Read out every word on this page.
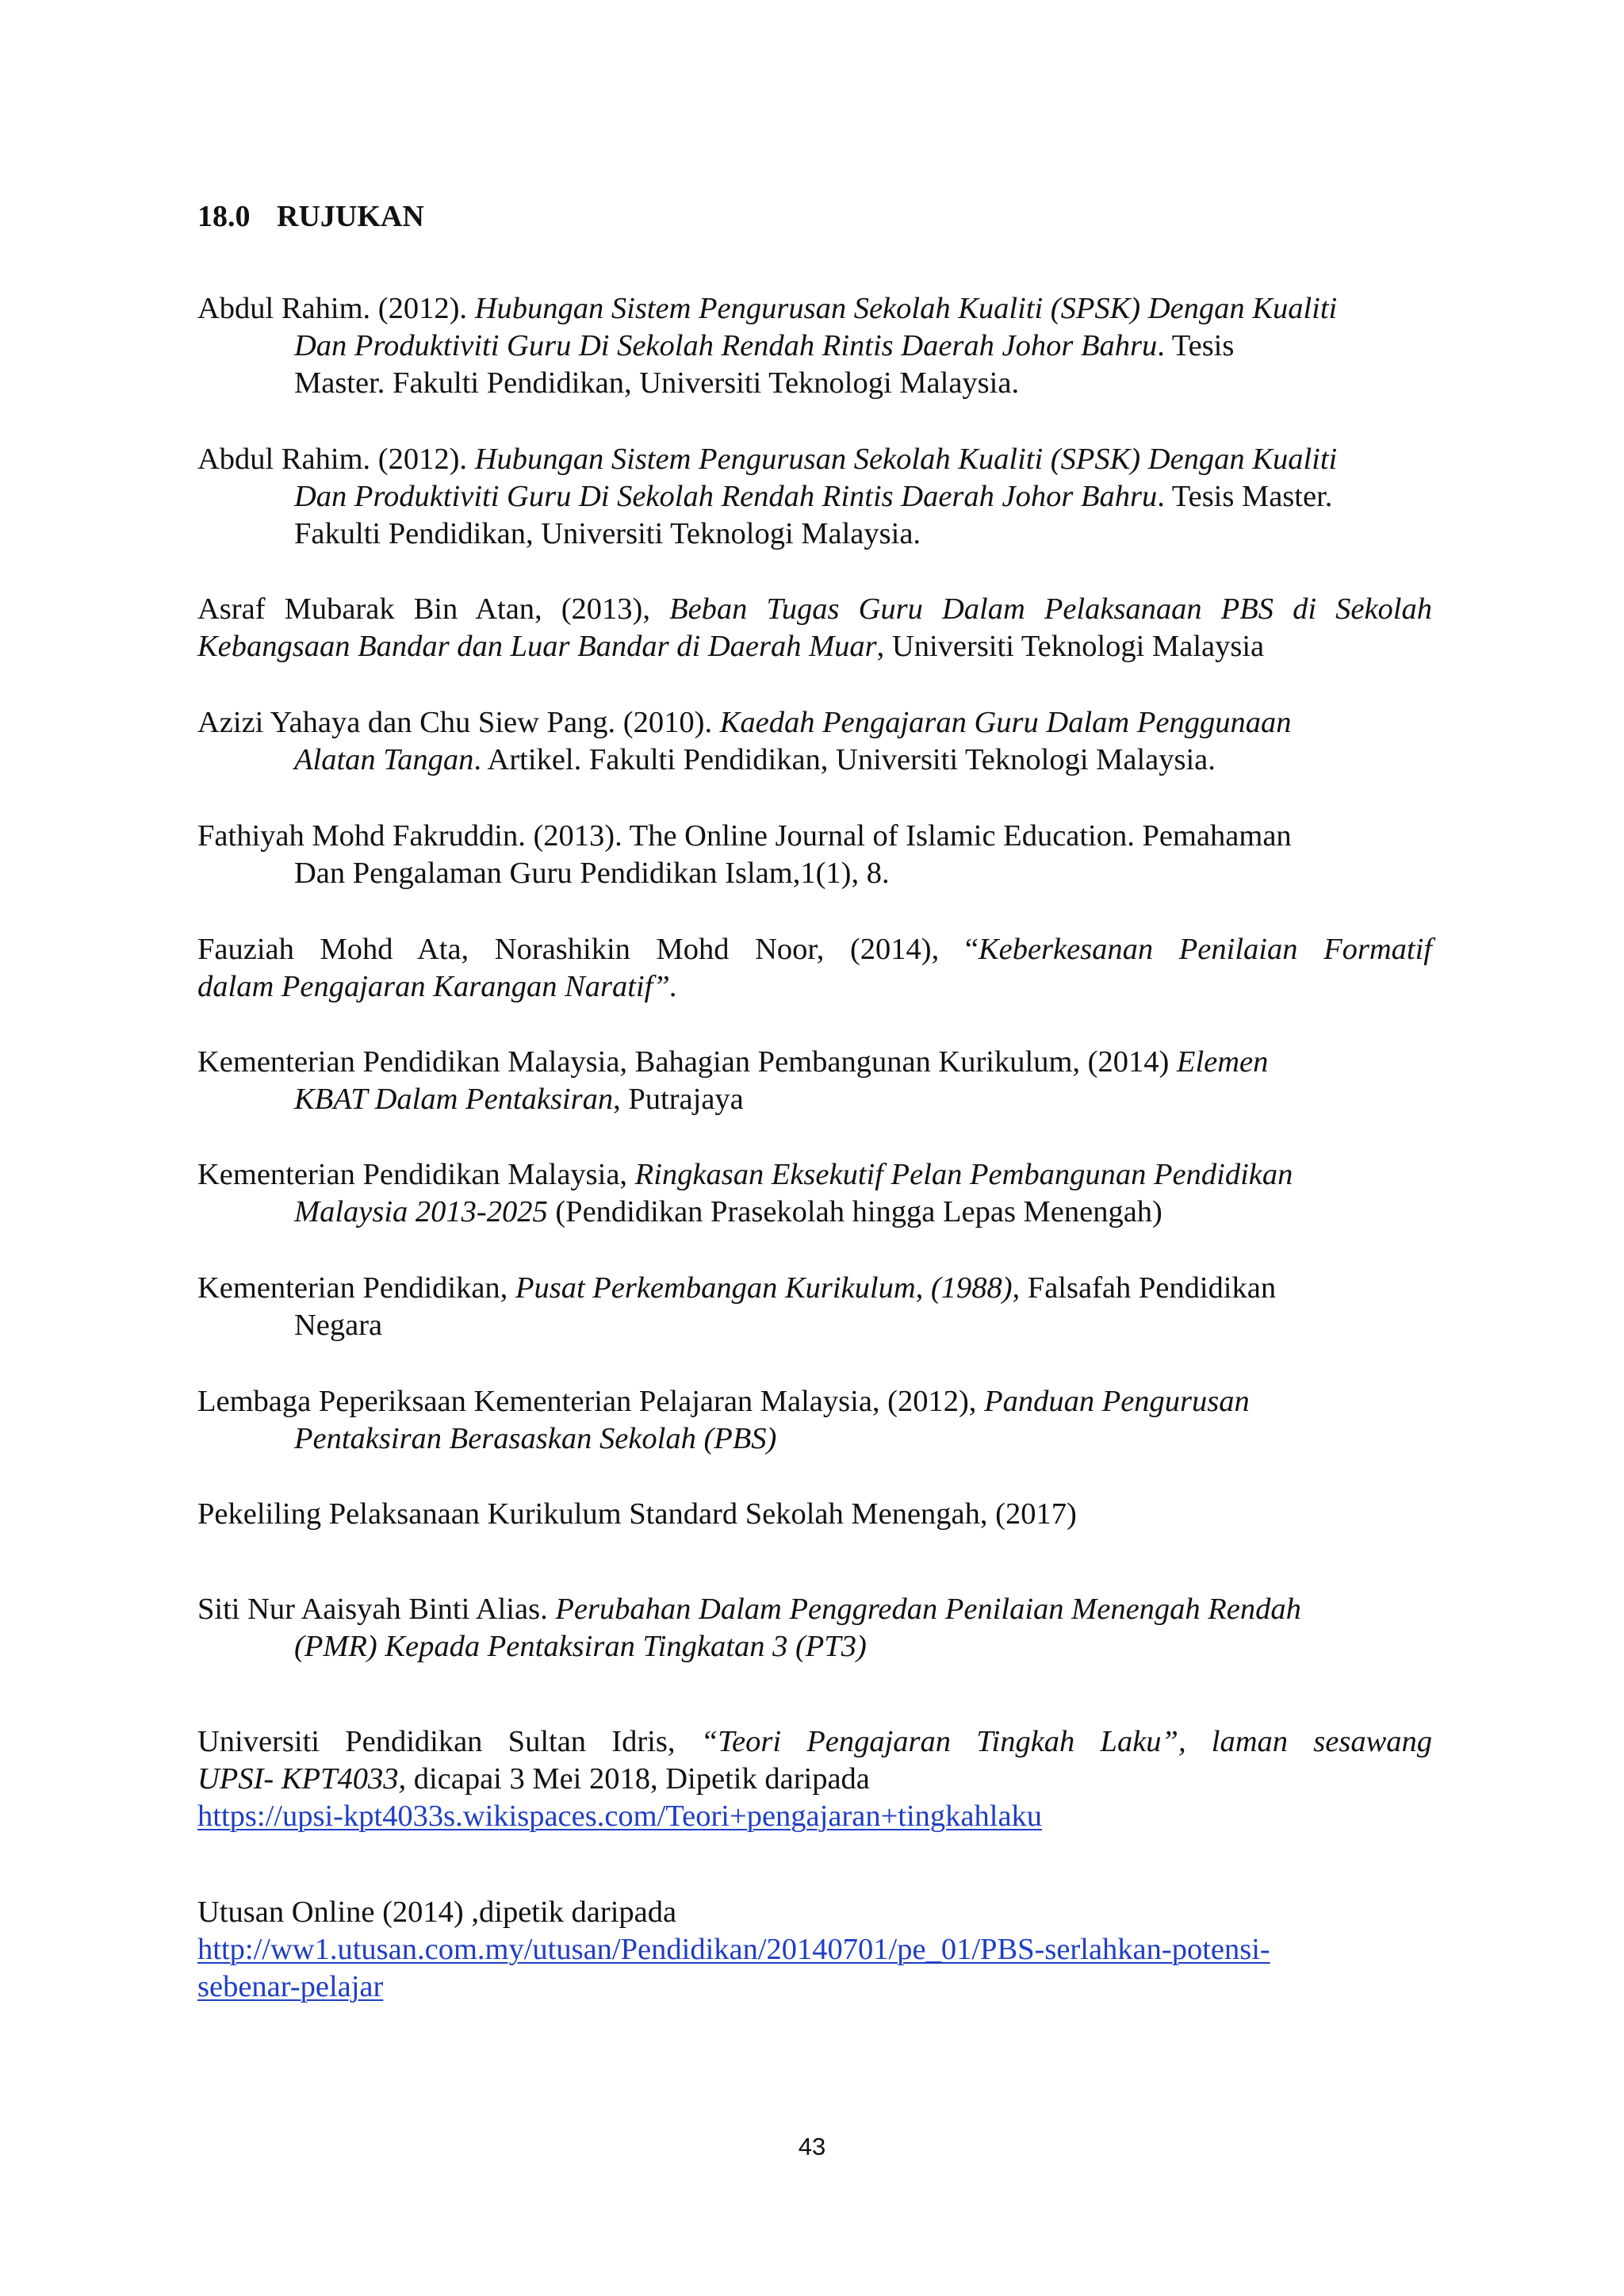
18.0 RUJUKAN
Abdul Rahim. (2012). Hubungan Sistem Pengurusan Sekolah Kualiti (SPSK) Dengan Kualiti
Dan Produktiviti Guru Di Sekolah Rendah Rintis Daerah Johor Bahru. Tesis
Master. Fakulti Pendidikan, Universiti Teknologi Malaysia.
Abdul Rahim. (2012). Hubungan Sistem Pengurusan Sekolah Kualiti (SPSK) Dengan Kualiti
Dan Produktiviti Guru Di Sekolah Rendah Rintis Daerah Johor Bahru. Tesis Master.
Fakulti Pendidikan, Universiti Teknologi Malaysia.
Asraf Mubarak Bin Atan, (2013), Beban Tugas Guru Dalam Pelaksanaan PBS di Sekolah
Kebangsaan Bandar dan Luar Bandar di Daerah Muar, Universiti Teknologi Malaysia
Azizi Yahaya dan Chu Siew Pang. (2010). Kaedah Pengajaran Guru Dalam Penggunaan
Alatan Tangan. Artikel. Fakulti Pendidikan, Universiti Teknologi Malaysia.
Fathiyah Mohd Fakruddin. (2013). The Online Journal of Islamic Education. Pemahaman
Dan Pengalaman Guru Pendidikan Islam,1(1), 8.
Fauziah Mohd Ata, Norashikin Mohd Noor, (2014), “Keberkesanan Penilaian Formatif
dalam Pengajaran Karangan Naratif”.
Kementerian Pendidikan Malaysia, Bahagian Pembangunan Kurikulum, (2014) Elemen
KBAT Dalam Pentaksiran, Putrajaya
Kementerian Pendidikan Malaysia, Ringkasan Eksekutif Pelan Pembangunan Pendidikan
Malaysia 2013-2025 (Pendidikan Prasekolah hingga Lepas Menengah)
Kementerian Pendidikan, Pusat Perkembangan Kurikulum, (1988), Falsafah Pendidikan
Negara
Lembaga Peperiksaan Kementerian Pelajaran Malaysia, (2012), Panduan Pengurusan
Pentaksiran Berasaskan Sekolah (PBS)
Pekeliling Pelaksanaan Kurikulum Standard Sekolah Menengah, (2017)
Siti Nur Aaisyah Binti Alias. Perubahan Dalam Penggredan Penilaian Menengah Rendah
(PMR) Kepada Pentaksiran Tingkatan 3 (PT3)
Universiti Pendidikan Sultan Idris, “Teori Pengajaran Tingkah Laku”, laman sesawang
UPSI- KPT4033, dicapai 3 Mei 2018, Dipetik daripada
https://upsi-kpt4033s.wikispaces.com/Teori+pengajaran+tingkahlaku
Utusan Online (2014) ,dipetik daripada
http://ww1.utusan.com.my/utusan/Pendidikan/20140701/pe_01/PBS-serlahkan-potensi-
sebenar-pelajar
43
